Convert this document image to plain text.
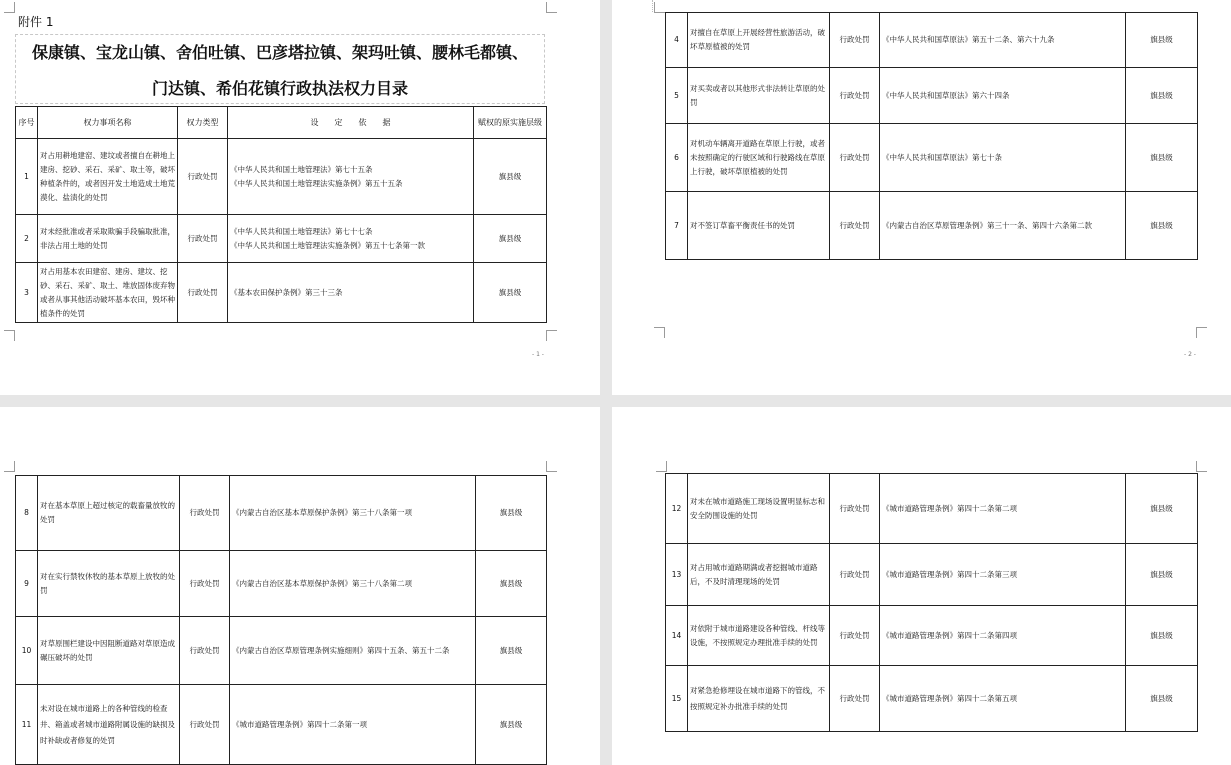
附件 1
保康镇、宝龙山镇、舍伯吐镇、巴彦塔拉镇、架玛吐镇、腰林毛都镇、
门达镇、希伯花镇行政执法权力目录
序号	权力事项名称	权力类型	设　　定　　依　　据	赋权的原实施层级
1	对占用耕地建窑、建坟或者擅自在耕地上建房、挖砂、采石、采矿、取土等，破坏种植条件的，或者因开发土地造成土地荒漠化、盐渍化的处罚	行政处罚	《中华人民共和国土地管理法》第七十五条
《中华人民共和国土地管理法实施条例》第五十五条	旗县级
2	对未经批准或者采取欺骗手段骗取批准，非法占用土地的处罚	行政处罚	《中华人民共和国土地管理法》第七十七条
《中华人民共和国土地管理法实施条例》第五十七条第一款	旗县级
3	对占用基本农田建窑、建房、建坟、挖砂、采石、采矿、取土、堆放固体废弃物或者从事其他活动破坏基本农田，毁坏种植条件的处罚	行政处罚	《基本农田保护条例》第三十三条	旗县级
- 1 -
4	对擅自在草原上开展经营性旅游活动，破坏草原植被的处罚	行政处罚	《中华人民共和国草原法》第五十二条、第六十九条	旗县级
5	对买卖或者以其他形式非法转让草原的处罚	行政处罚	《中华人民共和国草原法》第六十四条	旗县级
6	对机动车辆离开道路在草原上行驶，或者未按照确定的行驶区域和行驶路线在草原上行驶，破坏草原植被的处罚	行政处罚	《中华人民共和国草原法》第七十条	旗县级
7	对不签订草畜平衡责任书的处罚	行政处罚	《内蒙古自治区草原管理条例》第三十一条、第四十六条第二款	旗县级
- 2 -
8	对在基本草原上超过核定的载畜量放牧的处罚	行政处罚	《内蒙古自治区基本草原保护条例》第三十八条第一项	旗县级
9	对在实行禁牧休牧的基本草原上放牧的处罚	行政处罚	《内蒙古自治区基本草原保护条例》第三十八条第二项	旗县级
10	对草原围栏建设中因阻断道路对草原造成碾压破坏的处罚	行政处罚	《内蒙古自治区草原管理条例实施细则》第四十五条、第五十二条	旗县级
11	未对设在城市道路上的各种管线的检查井、箱盖或者城市道路附属设施的缺损及时补缺或者修复的处罚	行政处罚	《城市道路管理条例》第四十二条第一项	旗县级
12	对未在城市道路施工现场设置明显标志和安全防围设施的处罚	行政处罚	《城市道路管理条例》第四十二条第二项	旗县级
13	对占用城市道路期满或者挖掘城市道路后，不及时清理现场的处罚	行政处罚	《城市道路管理条例》第四十二条第三项	旗县级
14	对依附于城市道路建设各种管线、杆线等设施，不按照规定办理批准手续的处罚	行政处罚	《城市道路管理条例》第四十二条第四项	旗县级
15	对紧急抢修埋设在城市道路下的管线，不按照规定补办批准手续的处罚	行政处罚	《城市道路管理条例》第四十二条第五项	旗县级
